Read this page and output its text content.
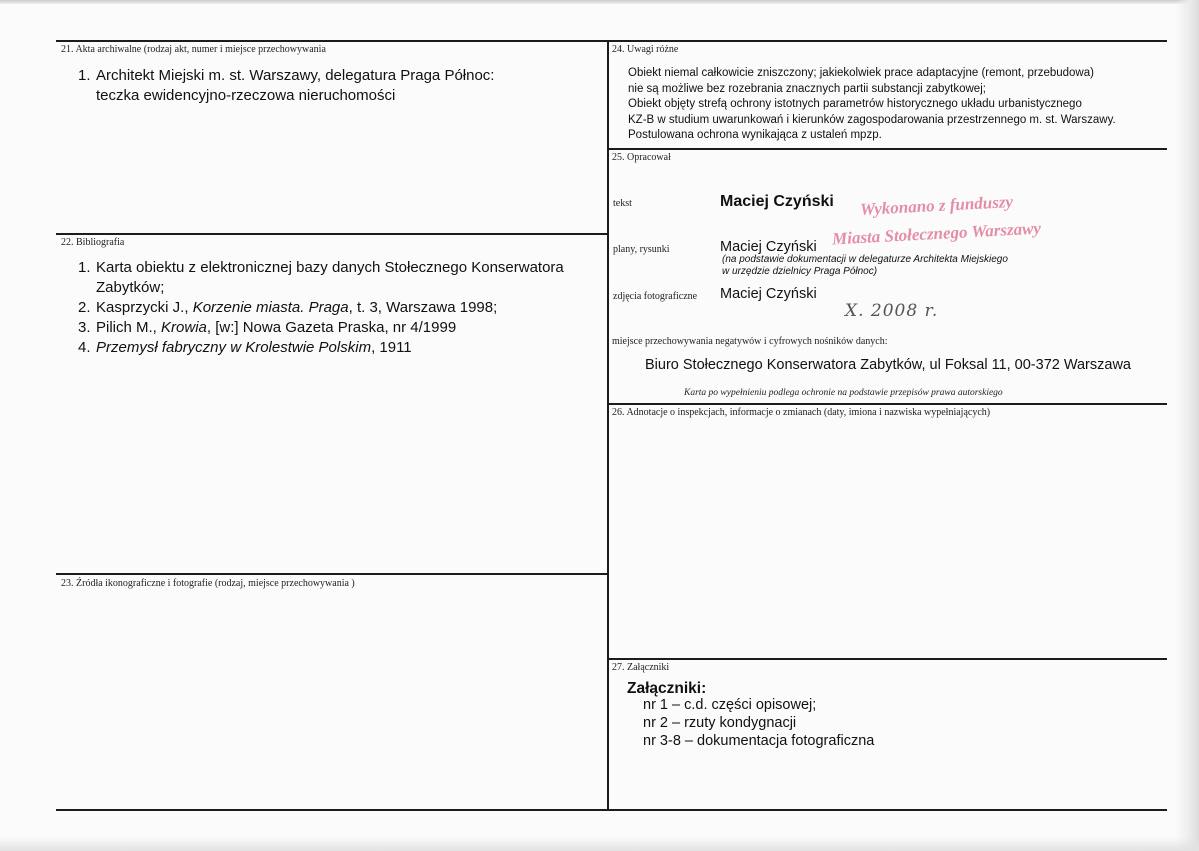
21. Akta archiwalne (rodzaj akt, numer i miejsce przechowywania
1. Architekt Miejski m. st. Warszawy, delegatura Praga Północ:
teczka ewidencyjno-rzeczowa nieruchomości
22. Bibliografia
1. Karta obiektu z elektronicznej bazy danych Stołecznego Konserwatora Zabytków;
2. Kasprzycki J., Korzenie miasta. Praga, t. 3, Warszawa 1998;
3. Pilich M., Krowia, [w:] Nowa Gazeta Praska, nr 4/1999
4. Przemysł fabryczny w Krolestwie Polskim, 1911
23. Źródła ikonograficzne i fotografie (rodzaj, miejsce przechowywania )
24. Uwagi różne
Obiekt niemal całkowicie zniszczony; jakiekolwiek prace adaptacyjne (remont, przebudowa)
nie są możliwe bez rozebrania znacznych partii substancji zabytkowej;
Obiekt objęty strefą ochrony istotnych parametrów historycznego układu urbanistycznego
KZ-B w studium uwarunkowań i kierunków zagospodarowania przestrzennego m. st. Warszawy.
Postulowana ochrona wynikająca z ustaleń mpzp.
25. Opracował
tekst	Maciej Czyński Wykonano z funduszy
Miasta Stołecznego Warszawy
plany, rysunki	Maciej Czyński
(na podstawie dokumentacji w delegaturze Architekta Miejskiego
w urzędzie dzielnicy Praga Północ)
zdjęcia fotograficzne Maciej Czyński
X. 2008 r.
miejsce przechowywania negatywów i cyfrowych nośników danych:
Biuro Stołecznego Konserwatora Zabytków, ul Foksal 11, 00-372 Warszawa
Karta po wypełnieniu podlega ochronie na podstawie przepisów prawa autorskiego
26. Adnotacje o inspekcjach, informacje o zmianach (daty, imiona i nazwiska wypełniających)
27. Załączniki
Załączniki:
nr 1 – c.d. części opisowej;
nr 2 – rzuty kondygnacji
nr 3-8 – dokumentacja fotograficzna
